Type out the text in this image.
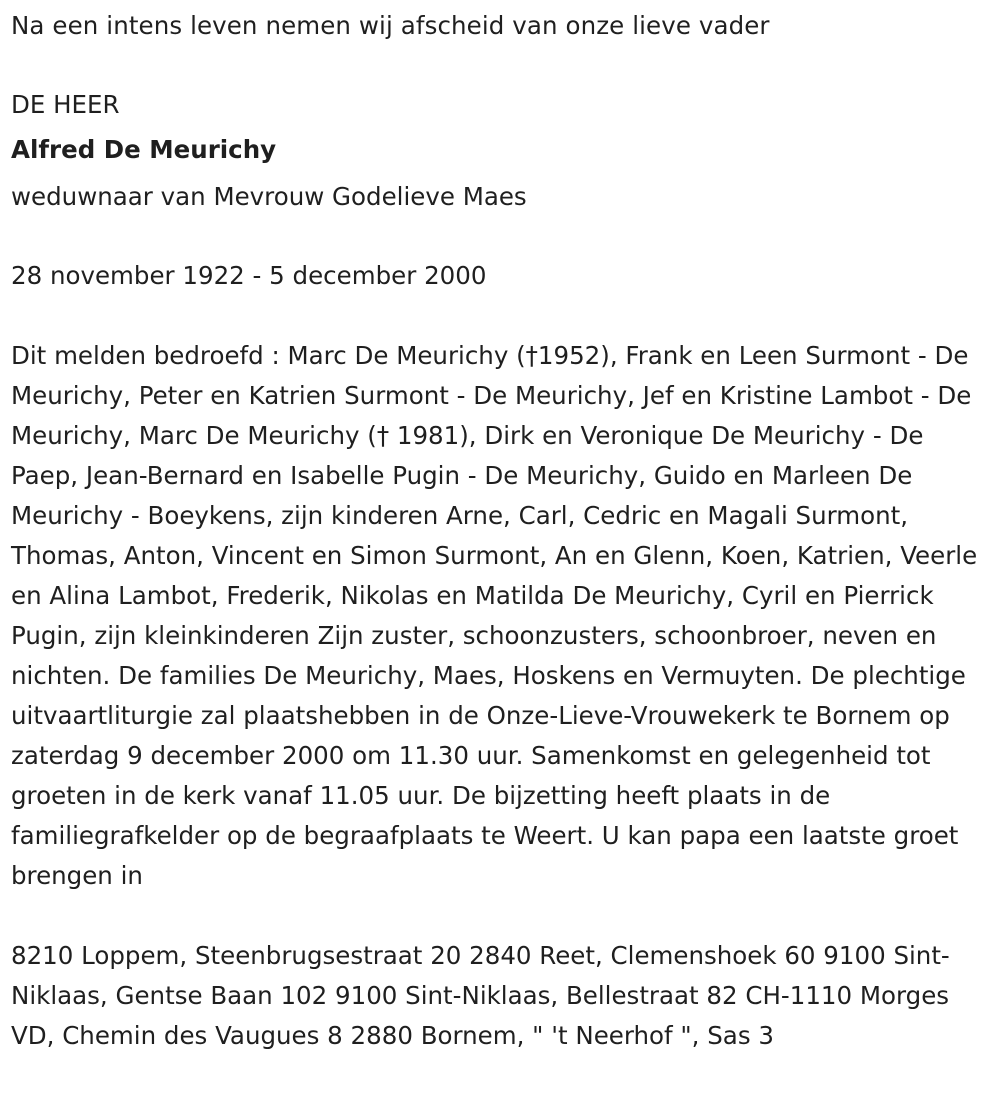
Na een intens leven nemen wij afscheid van onze lieve vader
DE HEER
Alfred De Meurichy
weduwnaar van Mevrouw Godelieve Maes
28 november 1922 - 5 december 2000
Dit melden bedroefd : Marc De Meurichy (†1952), Frank en Leen Surmont - De Meurichy, Peter en Katrien Surmont - De Meurichy, Jef en Kristine Lambot - De Meurichy, Marc De Meurichy († 1981), Dirk en Veronique De Meurichy - De Paep, Jean-Bernard en Isabelle Pugin - De Meurichy, Guido en Marleen De Meurichy - Boeykens, zijn kinderen Arne, Carl, Cedric en Magali Surmont, Thomas, Anton, Vincent en Simon Surmont, An en Glenn, Koen, Katrien, Veerle en Alina Lambot, Frederik, Nikolas en Matilda De Meurichy, Cyril en Pierrick Pugin, zijn kleinkinderen Zijn zuster, schoonzusters, schoonbroer, neven en nichten. De families De Meurichy, Maes, Hoskens en Vermuyten. De plechtige uitvaartliturgie zal plaatshebben in de Onze-Lieve-Vrouwekerk te Bornem op zaterdag 9 december 2000 om 11.30 uur. Samenkomst en gelegenheid tot groeten in de kerk vanaf 11.05 uur. De bijzetting heeft plaats in de familiegrafkelder op de begraafplaats te Weert. U kan papa een laatste groet brengen in
8210 Loppem, Steenbrugsestraat 20 2840 Reet, Clemenshoek 60 9100 Sint-Niklaas, Gentse Baan 102 9100 Sint-Niklaas, Bellestraat 82 CH-1110 Morges VD, Chemin des Vaugues 8 2880 Bornem, " 't Neerhof ", Sas 3
